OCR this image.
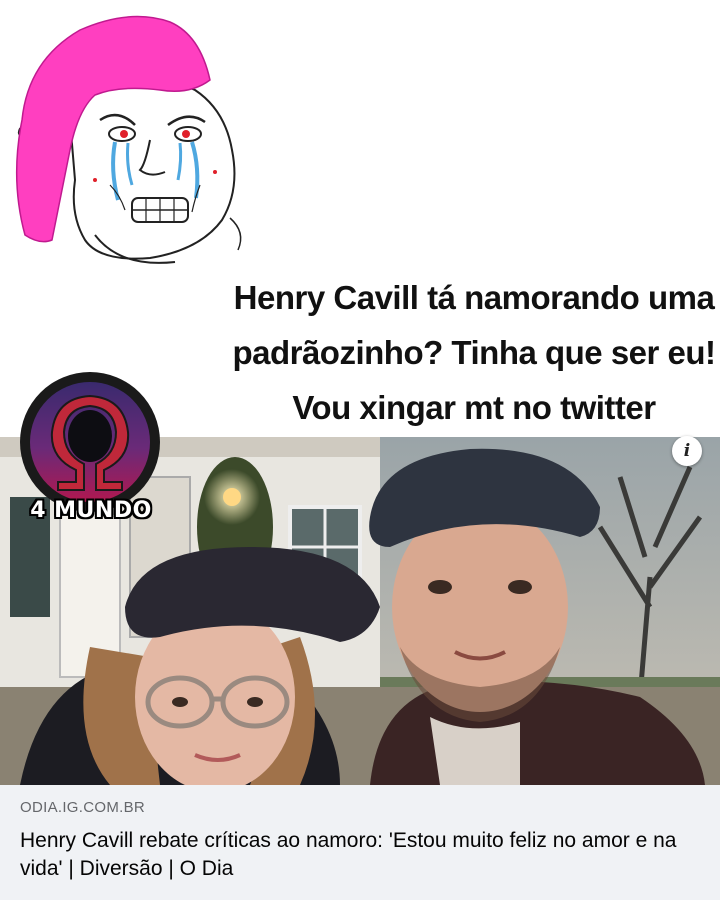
Henry Cavill tá namorando uma
padrãozinho? Tinha que ser eu!
Vou xingar mt no twitter
4 MUNDO
i
ODIA.IG.COM.BR
Henry Cavill rebate críticas ao namoro: 'Estou muito feliz no amor e na vida' | Diversão | O Dia
